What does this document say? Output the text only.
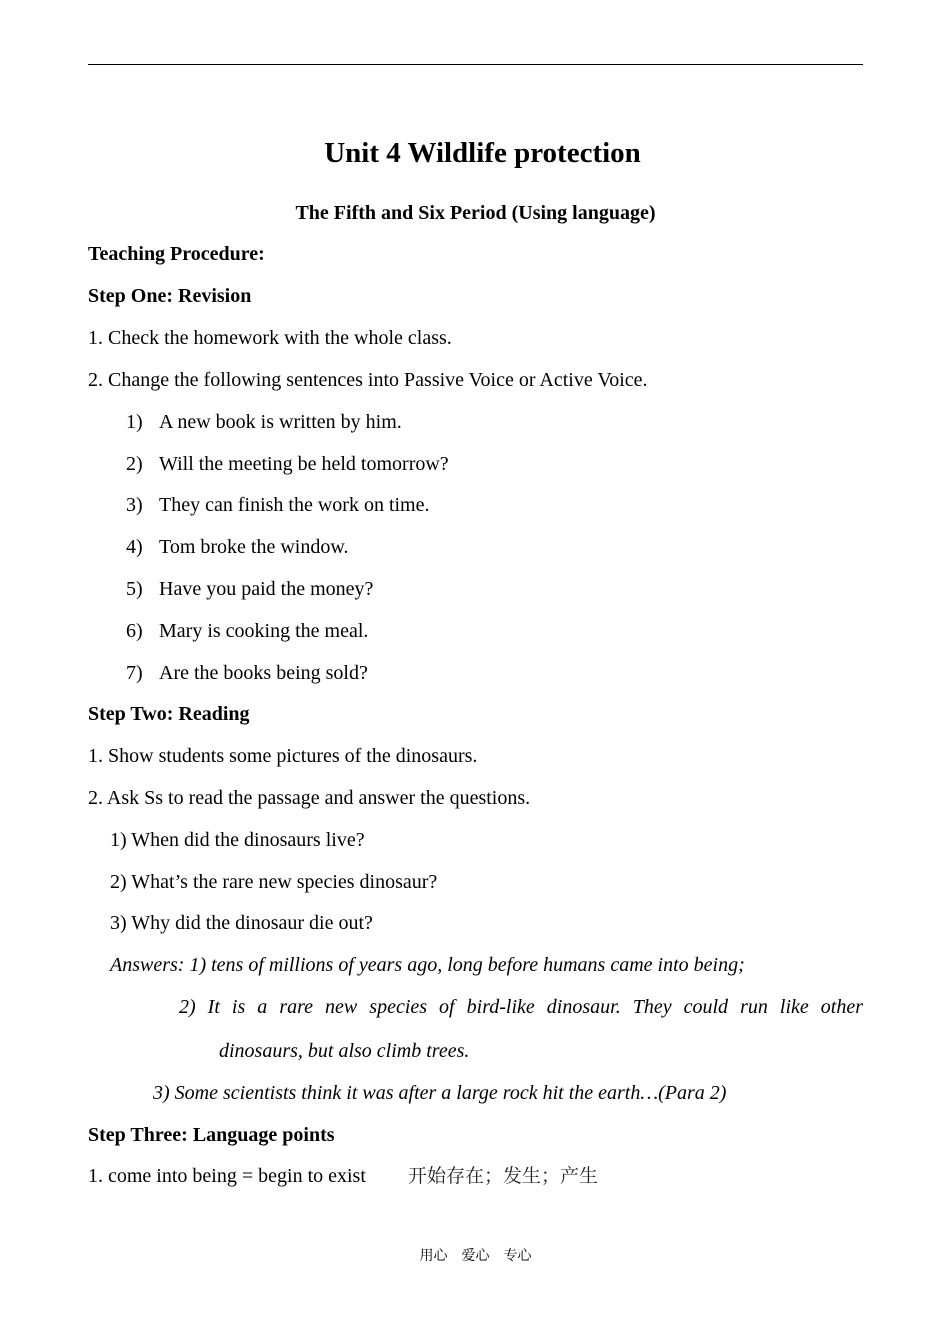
Unit 4 Wildlife protection
The Fifth and Six Period (Using language)
Teaching Procedure:
Step One: Revision
1. Check the homework with the whole class.
2. Change the following sentences into Passive Voice or Active Voice.
1) A new book is written by him.
2) Will the meeting be held tomorrow?
3) They can finish the work on time.
4) Tom broke the window.
5) Have you paid the money?
6) Mary is cooking the meal.
7) Are the books being sold?
Step Two: Reading
1. Show students some pictures of the dinosaurs.
2. Ask Ss to read the passage and answer the questions.
1) When did the dinosaurs live?
2) What’s the rare new species dinosaur?
3) Why did the dinosaur die out?
Answers: 1) tens of millions of years ago, long before humans came into being;
2) It is a rare new species of bird-like dinosaur. They could run like other
dinosaurs, but also climb trees.
3) Some scientists think it was after a large rock hit the earth…(Para 2)
Step Three: Language points
1. come into being = begin to exist 开始存在；发生；产生
用心　爱心　专心
